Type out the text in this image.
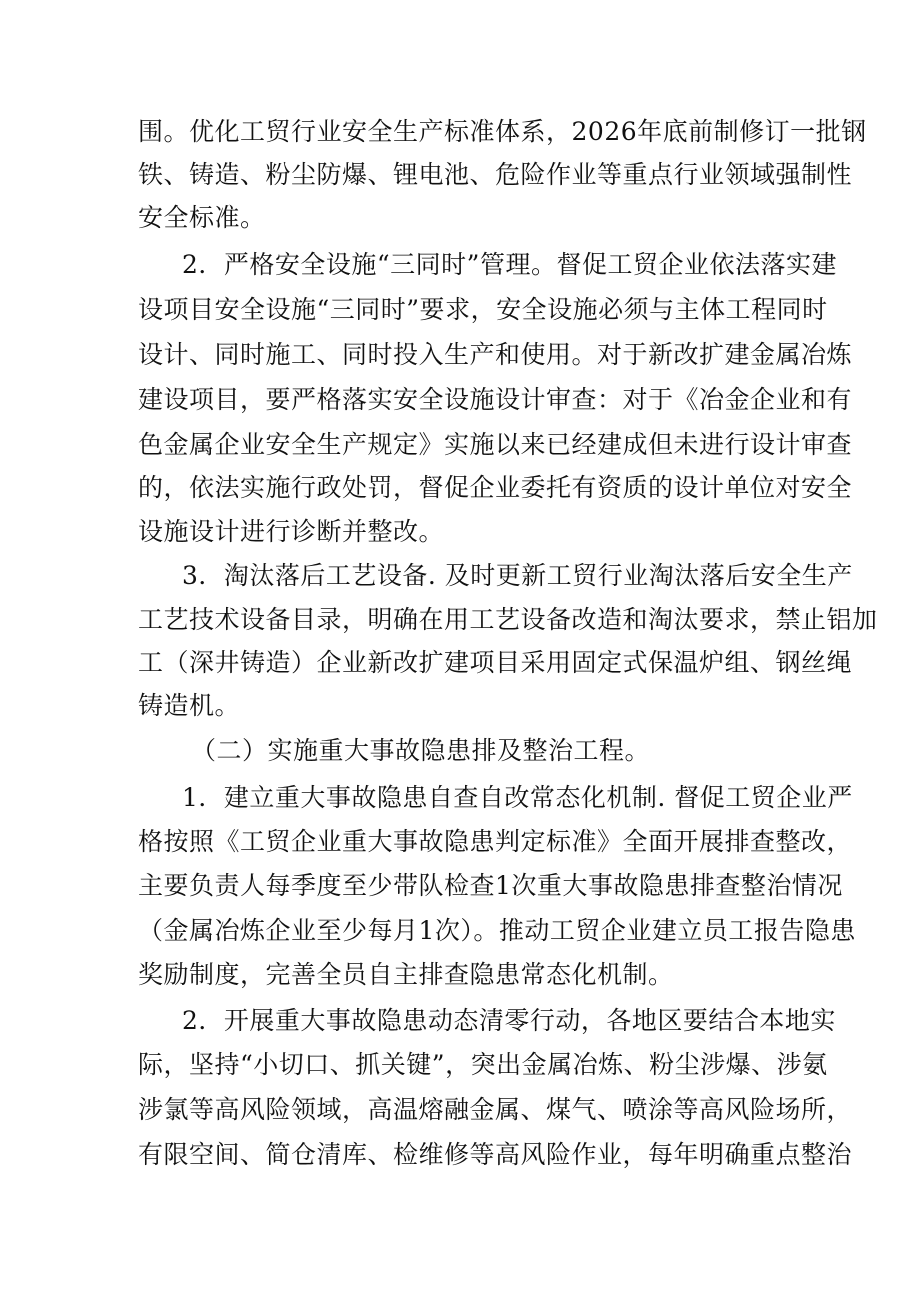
围。优化工贸行业安全生产标准体系，2026年底前制修订一批钢
铁、铸造、粉尘防爆、锂电池、危险作业等重点行业领域强制性
安全标准。
2．严格安全设施“三同时”管理。督促工贸企业依法落实建
设项目安全设施“三同时”要求，安全设施必须与主体工程同时
设计、同时施工、同时投入生产和使用。对于新改扩建金属冶炼
建设项目，要严格落实安全设施设计审查：对于《冶金企业和有
色金属企业安全生产规定》实施以来已经建成但未进行设计审查
的，依法实施行政处罚，督促企业委托有资质的设计单位对安全
设施设计进行诊断并整改。
3．淘汰落后工艺设备. 及时更新工贸行业淘汰落后安全生产
工艺技术设备目录，明确在用工艺设备改造和淘汰要求，禁止铝加
工（深井铸造）企业新改扩建项目采用固定式保温炉组、钢丝绳
铸造机。
（二）实施重大事故隐患排及整治工程。
1．建立重大事故隐患自查自改常态化机制. 督促工贸企业严
格按照《工贸企业重大事故隐患判定标准》全面开展排查整改，
主要负责人每季度至少带队检查1次重大事故隐患排查整治情况
（金属冶炼企业至少每月1次）。推动工贸企业建立员工报告隐患
奖励制度，完善全员自主排查隐患常态化机制。
2．开展重大事故隐患动态清零行动，各地区要结合本地实
际，坚持“小切口、抓关键”，突出金属冶炼、粉尘涉爆、涉氨
涉氯等高风险领域，高温熔融金属、煤气、喷涂等高风险场所，
有限空间、简仓清库、检维修等高风险作业，每年明确重点整治
